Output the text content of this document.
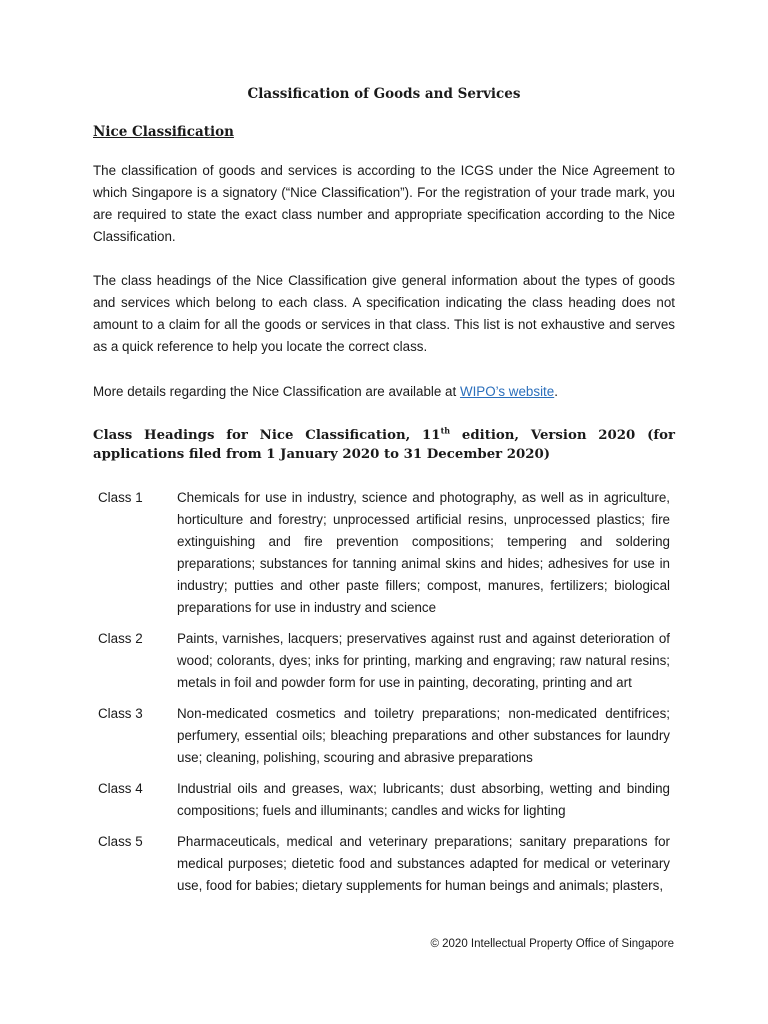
Classification of Goods and Services
Nice Classification

The classification of goods and services is according to the ICGS under the Nice Agreement to which Singapore is a signatory (“Nice Classification”). For the registration of your trade mark, you are required to state the exact class number and appropriate specification according to the Nice Classification.

The class headings of the Nice Classification give general information about the types of goods and services which belong to each class. A specification indicating the class heading does not amount to a claim for all the goods or services in that class. This list is not exhaustive and serves as a quick reference to help you locate the correct class.

More details regarding the Nice Classification are available at WIPO’s website.

Class Headings for Nice Classification, 11th edition, Version 2020 (for applications filed from 1 January 2020 to 31 December 2020)

Class 1	Chemicals for use in industry, science and photography, as well as in agriculture, horticulture and forestry; unprocessed artificial resins, unprocessed plastics; fire extinguishing and fire prevention compositions; tempering and soldering preparations; substances for tanning animal skins and hides; adhesives for use in industry; putties and other paste fillers; compost, manures, fertilizers; biological preparations for use in industry and science

Class 2	Paints, varnishes, lacquers; preservatives against rust and against deterioration of wood; colorants, dyes; inks for printing, marking and engraving; raw natural resins; metals in foil and powder form for use in painting, decorating, printing and art

Class 3	Non-medicated cosmetics and toiletry preparations; non-medicated dentifrices; perfumery, essential oils; bleaching preparations and other substances for laundry use; cleaning, polishing, scouring and abrasive preparations

Class 4	Industrial oils and greases, wax; lubricants; dust absorbing, wetting and binding compositions; fuels and illuminants; candles and wicks for lighting

Class 5	Pharmaceuticals, medical and veterinary preparations; sanitary preparations for medical purposes; dietetic food and substances adapted for medical or veterinary use, food for babies; dietary supplements for human beings and animals; plasters,

© 2020 Intellectual Property Office of Singapore
